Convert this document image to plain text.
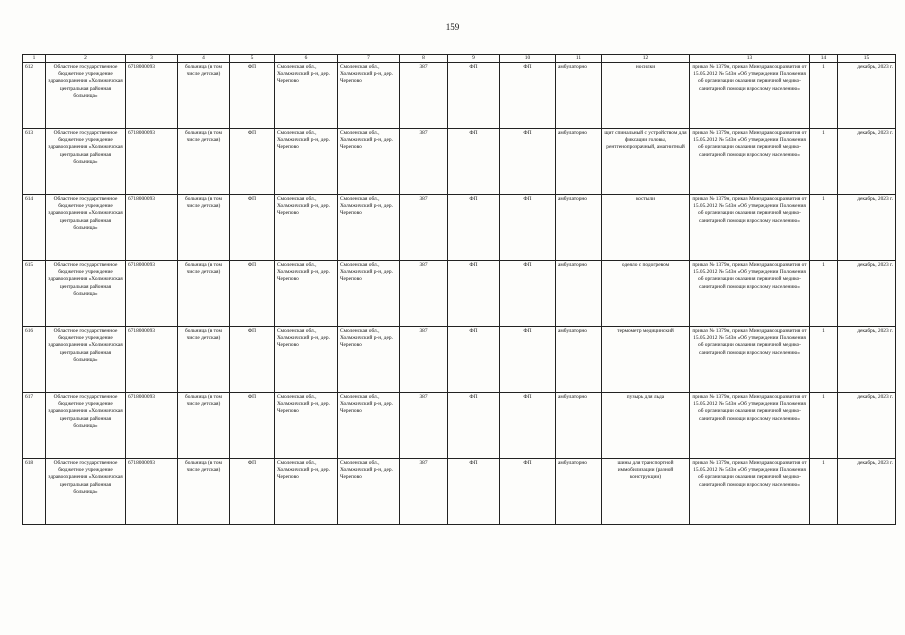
159
1	2	3	4	5	6	7	8	9	10	11	12	13	14	15
612	Областное государственное бюджетное учреждение здравоохранения «Холмжичская центральная районная больница»	6718000093	больница (в том числе детская)	ФП	Смоленская обл., Холмжичский р-н, дер. Черепово	Смоленская обл., Холмжичский р-н, дер. Черепово	387	ФП	ФП	амбулаторно	носилки	приказ № 1379н, приказ Минздравсоцразвития от 15.05.2012 № 543н «Об утверждении Положения об организации оказания первичной медико-санитарной помощи взрослому населению»	1	декабрь, 2023 г.
613	Областное государственное бюджетное учреждение здравоохранения «Холмжичская центральная районная больница»	6718000093	больница (в том числе детская)	ФП	Смоленская обл., Холмжичский р-н, дер. Черепово	Смоленская обл., Холмжичский р-н, дер. Черепово	387	ФП	ФП	амбулаторно	щит спинальный с устройством для фиксации головы, рентгенопрозрачный, амагнитный	приказ № 1379н, приказ Минздравсоцразвития от 15.05.2012 № 543н «Об утверждении Положения об организации оказания первичной медико-санитарной помощи взрослому населению»	1	декабрь, 2023 г.
614	Областное государственное бюджетное учреждение здравоохранения «Холмжичская центральная районная больница»	6718000093	больница (в том числе детская)	ФП	Смоленская обл., Холмжичский р-н, дер. Черепово	Смоленская обл., Холмжичский р-н, дер. Черепово	387	ФП	ФП	амбулаторно	костыли	приказ № 1379н, приказ Минздравсоцразвития от 15.05.2012 № 543н «Об утверждении Положения об организации оказания первичной медико-санитарной помощи взрослому населению»	1	декабрь, 2023 г.
615	Областное государственное бюджетное учреждение здравоохранения «Холмжичская центральная районная больница»	6718000093	больница (в том числе детская)	ФП	Смоленская обл., Холмжичский р-н, дер. Черепово	Смоленская обл., Холмжичский р-н, дер. Черепово	387	ФП	ФП	амбулаторно	одеяло с подогревом	приказ № 1379н, приказ Минздравсоцразвития от 15.05.2012 № 543н «Об утверждении Положения об организации оказания первичной медико-санитарной помощи взрослому населению»	1	декабрь, 2023 г.
616	Областное государственное бюджетное учреждение здравоохранения «Холмжичская центральная районная больница»	6718000093	больница (в том числе детская)	ФП	Смоленская обл., Холмжичский р-н, дер. Черепово	Смоленская обл., Холмжичский р-н, дер. Черепово	387	ФП	ФП	амбулаторно	термометр медицинский	приказ № 1379н, приказ Минздравсоцразвития от 15.05.2012 № 543н «Об утверждении Положения об организации оказания первичной медико-санитарной помощи взрослому населению»	1	декабрь, 2023 г.
617	Областное государственное бюджетное учреждение здравоохранения «Холмжичская центральная районная больница»	6718000093	больница (в том числе детская)	ФП	Смоленская обл., Холмжичский р-н, дер. Черепово	Смоленская обл., Холмжичский р-н, дер. Черепово	387	ФП	ФП	амбулаторно	пузырь для льда	приказ № 1379н, приказ Минздравсоцразвития от 15.05.2012 № 543н «Об утверждении Положения об организации оказания первичной медико-санитарной помощи взрослому населению»	1	декабрь, 2023 г.
618	Областное государственное бюджетное учреждение здравоохранения «Холмжичская центральная районная больница»	6718000093	больница (в том числе детская)	ФП	Смоленская обл., Холмжичский р-н, дер. Черепово	Смоленская обл., Холмжичский р-н, дер. Черепово	387	ФП	ФП	амбулаторно	шины для транспортной иммобилизации (разной конструкции)	приказ № 1379н, приказ Минздравсоцразвития от 15.05.2012 № 543н «Об утверждении Положения об организации оказания первичной медико-санитарной помощи взрослому населению»	1	декабрь, 2023 г.
